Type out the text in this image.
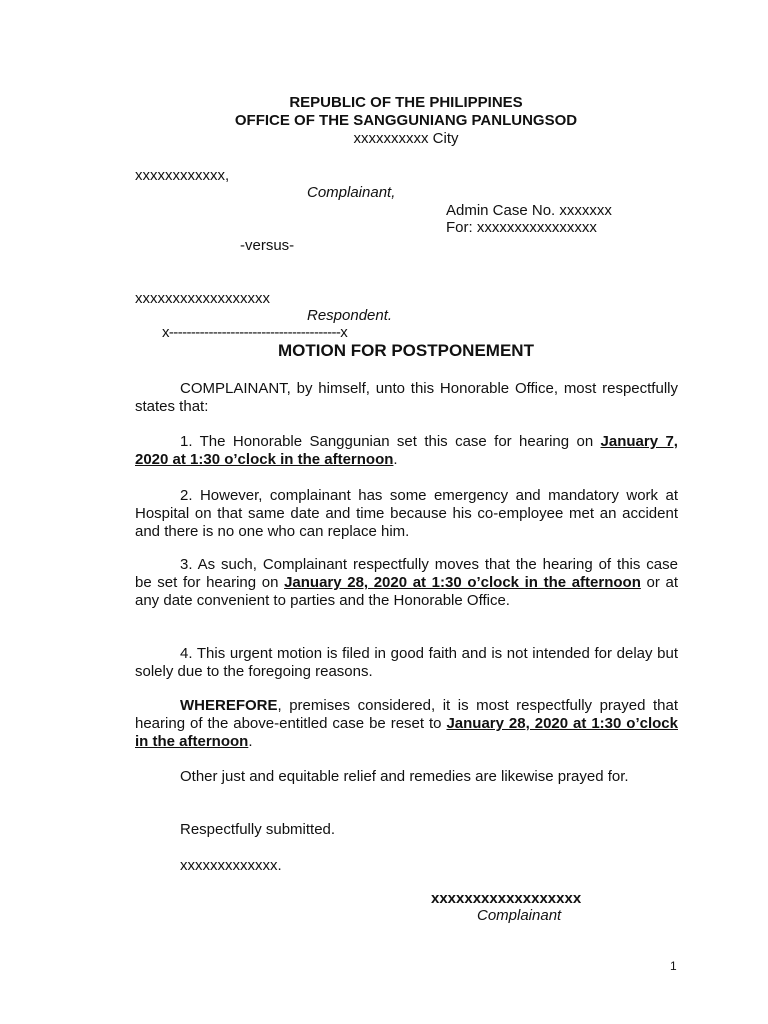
REPUBLIC OF THE PHILIPPINES
OFFICE OF THE SANGGUNIANG PANLUNGSOD
xxxxxxxxxx City
xxxxxxxxxxxx,
Complainant,
Admin Case No. xxxxxxx
For: xxxxxxxxxxxxxxxx
-versus-
xxxxxxxxxxxxxxxxxx
Respondent.
x---------------------------------------x
MOTION FOR POSTPONEMENT
COMPLAINANT, by himself, unto this Honorable Office, most respectfully states that:
1. The Honorable Sanggunian set this case for hearing on January 7, 2020 at 1:30 o’clock in the afternoon.
2. However, complainant has some emergency and mandatory work at Hospital on that same date and time because his co-employee met an accident and there is no one who can replace him.
3. As such, Complainant respectfully moves that the hearing of this case be set for hearing on January 28, 2020 at 1:30 o’clock in the afternoon or at any date convenient to parties and the Honorable Office.
4. This urgent motion is filed in good faith and is not intended for delay but solely due to the foregoing reasons.
WHEREFORE, premises considered, it is most respectfully prayed that hearing of the above-entitled case be reset to January 28, 2020 at 1:30 o’clock in the afternoon.
Other just and equitable relief and remedies are likewise prayed for.
Respectfully submitted.
xxxxxxxxxxxxx.
xxxxxxxxxxxxxxxxxx
Complainant
1
